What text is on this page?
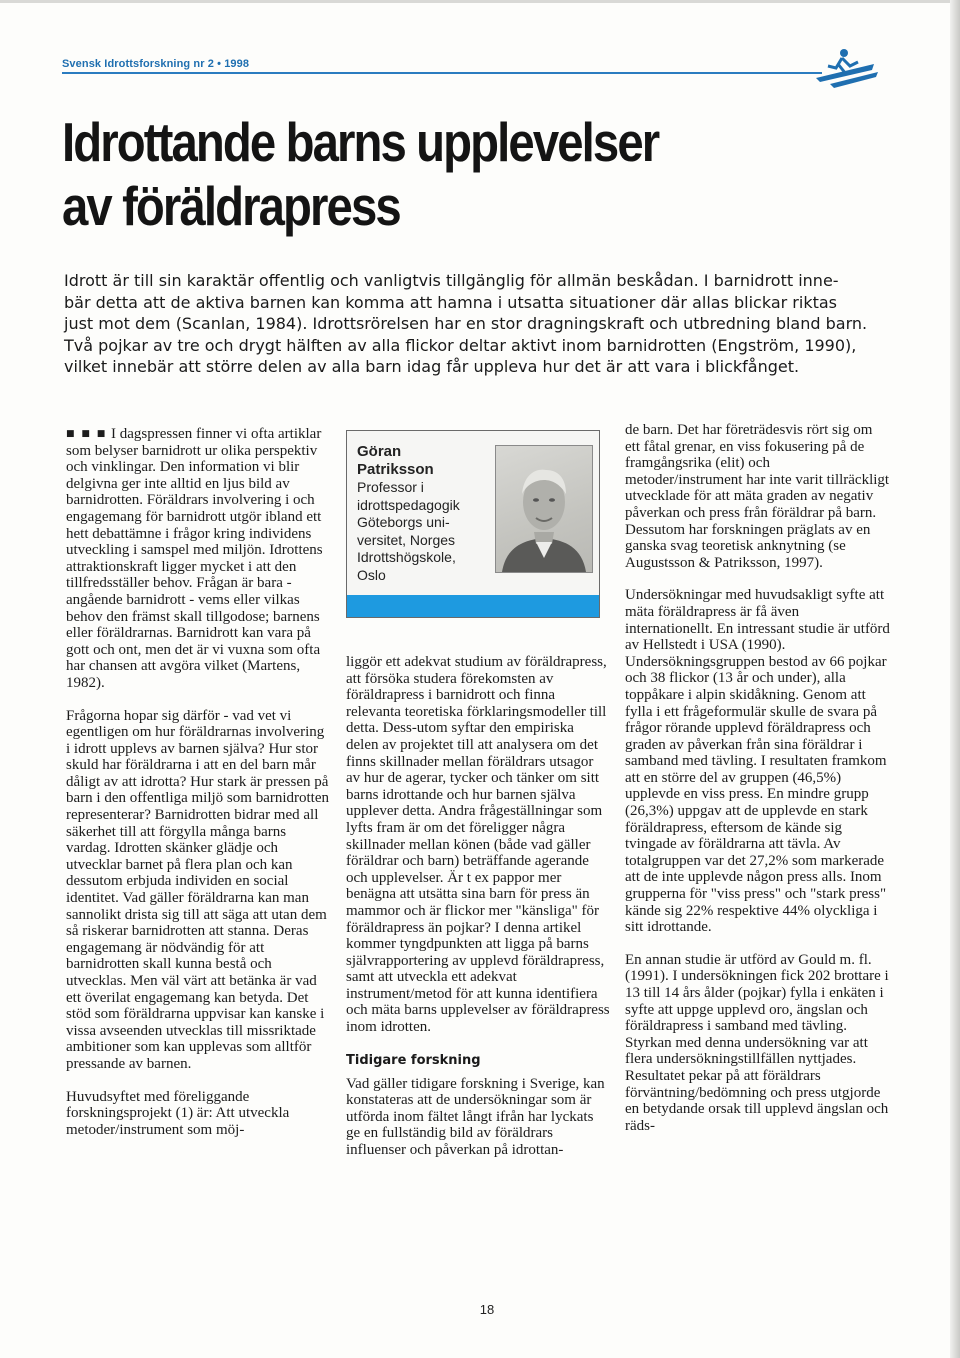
Svensk Idrottsforskning nr 2 • 1998
Idrottande barns upplevelser
av föräldrapress
Idrott är till sin karaktär offentlig och vanligtvis tillgänglig för allmän beskådan. I barnidrott inne-
bär detta att de aktiva barnen kan komma att hamna i utsatta situationer där allas blickar riktas
just mot dem (Scanlan, 1984). Idrottsrörelsen har en stor dragningskraft och utbredning bland barn.
Två pojkar av tre och drygt hälften av alla flickor deltar aktivt inom barnidrotten (Engström, 1990),
vilket innebär att större delen av alla barn idag får uppleva hur det är att vara i blickfånget.

■ ■ ■ I dagspressen finner vi ofta artiklar som belyser barnidrott ur olika perspektiv och vinklingar. Den information vi blir delgivna ger inte alltid en ljus bild av barnidrotten. Föräldrars involvering i och engagemang för barnidrott utgör ibland ett hett debattämne i frågor kring individens utveckling i samspel med miljön. Idrottens attraktionskraft ligger mycket i att den tillfredsställer behov. Frågan är bara - angående barnidrott - vems eller vilkas behov den främst skall tillgodose; barnens eller föräldrarnas. Barnidrott kan vara på gott och ont, men det är vi vuxna som ofta har chansen att avgöra vilket (Martens, 1982).

Frågorna hopar sig därför - vad vet vi egentligen om hur föräldrarnas involvering i idrott upplevs av barnen själva? Hur stor skuld har föräldrarna i att en del barn mår dåligt av att idrotta? Hur stark är pressen på barn i den offentliga miljö som barnidrotten representerar? Barnidrotten bidrar med all säkerhet till att förgylla många barns vardag. Idrotten skänker glädje och utvecklar barnet på flera plan och kan dessutom erbjuda individen en social identitet. Vad gäller föräldrarna kan man sannolikt drista sig till att säga att utan dem så riskerar barnidrotten att stanna. Deras engagemang är nödvändig för att barnidrotten skall kunna bestå och utvecklas. Men väl värt att betänka är vad ett överilat engagemang kan betyda. Det stöd som föräldrarna uppvisar kan kanske i vissa avseenden utvecklas till missriktade ambitioner som kan upplevas som alltför pressande av barnen.

Huvudsyftet med föreliggande forskningsprojekt (1) är: Att utveckla metoder/instrument som möj-

Göran
Patriksson
Professor i
idrottspedagogik
Göteborgs uni-
versitet, Norges
Idrottshögskole,
Oslo

liggör ett adekvat studium av föräldrapress, att försöka studera förekomsten av föräldrapress i barnidrott och finna relevanta teoretiska förklaringsmodeller till detta. Dess-utom syftar den empiriska delen av projektet till att analysera om det finns skillnader mellan föräldrars utsagor av hur de agerar, tycker och tänker om sitt barns idrottande och hur barnen själva upplever detta. Andra frågeställningar som lyfts fram är om det föreligger några skillnader mellan könen (både vad gäller föräldrar och barn) beträffande agerande och upplevelser. Är t ex pappor mer benägna att utsätta sina barn för press än mammor och är flickor mer "känsliga" för föräldrapress än pojkar? I denna artikel kommer tyngdpunkten att ligga på barns självrapportering av upplevd föräldrapress, samt att utveckla ett adekvat instrument/metod för att kunna identifiera och mäta barns upplevelser av föräldrapress inom idrotten.

Tidigare forskning

Vad gäller tidigare forskning i Sverige, kan konstateras att de undersökningar som är utförda inom fältet långt ifrån har lyckats ge en fullständig bild av föräldrars influenser och påverkan på idrottan-

de barn. Det har företrädesvis rört sig om ett fåtal grenar, en viss fokusering på de framgångsrika (elit) och metoder/instrument har inte varit tillräckligt utvecklade för att mäta graden av negativ påverkan och press från föräldrar på barn. Dessutom har forskningen präglats av en ganska svag teoretisk anknytning (se Augustsson & Patriksson, 1997).

Undersökningar med huvudsakligt syfte att mäta föräldrapress är få även internationellt. En intressant studie är utförd av Hellstedt i USA (1990). Undersökningsgruppen bestod av 66 pojkar och 38 flickor (13 år och under), alla toppåkare i alpin skidåkning. Genom att fylla i ett frågeformulär skulle de svara på frågor rörande upplevd föräldrapress och graden av påverkan från sina föräldrar i samband med tävling. I resultaten framkom att en större del av gruppen (46,5%) upplevde en viss press. En mindre grupp (26,3%) uppgav att de upplevde en stark föräldrapress, eftersom de kände sig tvingade av föräldrarna att tävla. Av totalgruppen var det 27,2% som markerade att de inte upplevde någon press alls. Inom grupperna för "viss press" och "stark press" kände sig 22% respektive 44% olyckliga i sitt idrottande.

En annan studie är utförd av Gould m. fl. (1991). I undersökningen fick 202 brottare i 13 till 14 års ålder (pojkar) fylla i enkäten i syfte att uppge upplevd oro, ängslan och föräldrapress i samband med tävling. Styrkan med denna undersökning var att flera undersökningstillfällen nyttjades. Resultatet pekar på att föräldrars förväntning/bedömning och press utgjorde en betydande orsak till upplevd ängslan och räds-

18
